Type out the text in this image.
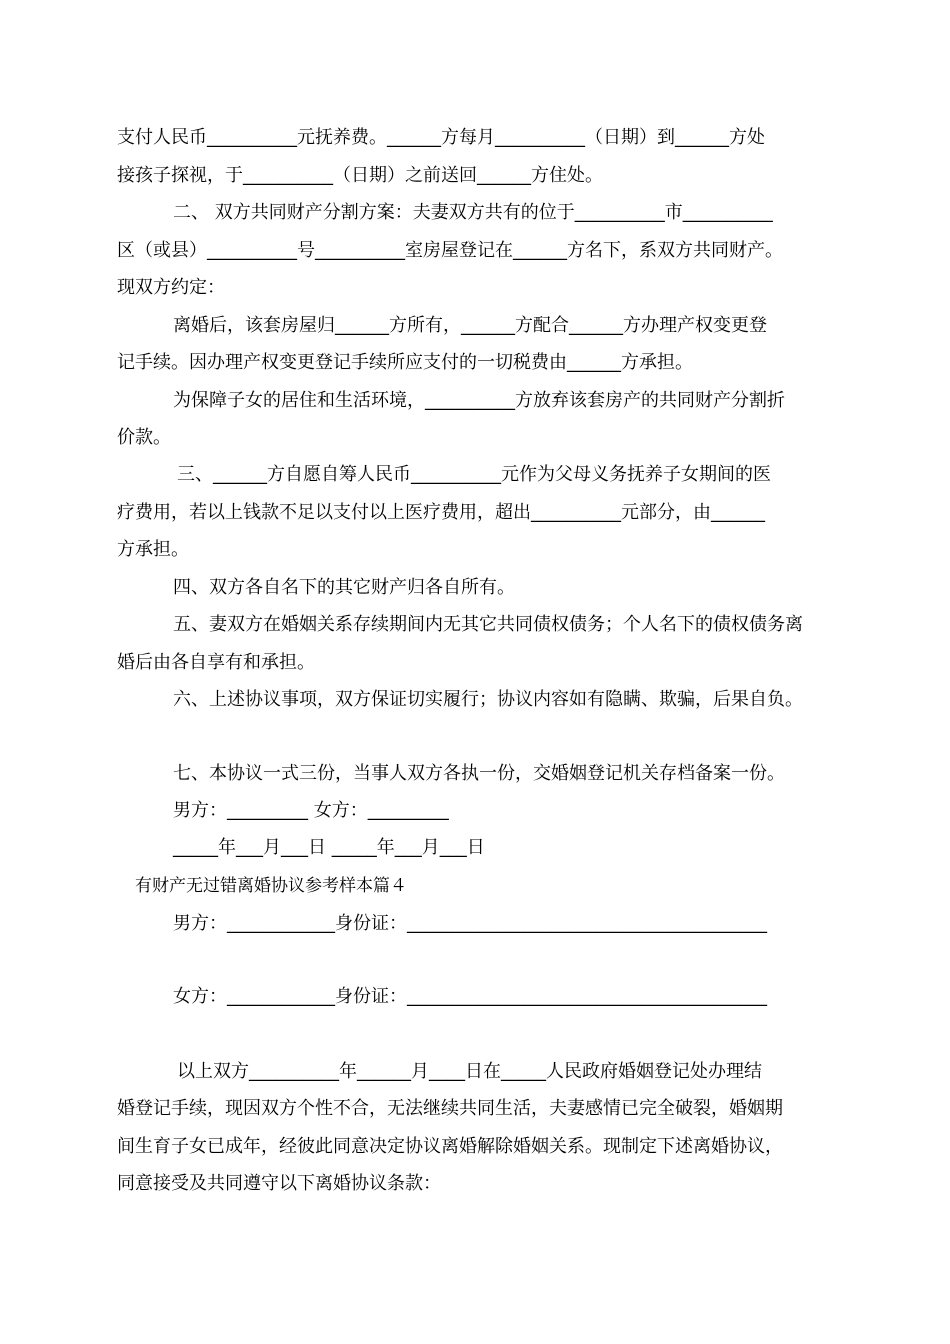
支付人民币__________元抚养费。______方每月__________（日期）到______方处
接孩子探视，于__________（日期）之前送回______方住处。
二、 双方共同财产分割方案：夫妻双方共有的位于__________市__________
区（或县）__________号__________室房屋登记在______方名下，系双方共同财产。
现双方约定：
离婚后，该套房屋归______方所有，______方配合______方办理产权变更登
记手续。因办理产权变更登记手续所应支付的一切税费由______方承担。
为保障子女的居住和生活环境，__________方放弃该套房产的共同财产分割折
价款。
三、______方自愿自筹人民币__________元作为父母义务抚养子女期间的医
疗费用，若以上钱款不足以支付以上医疗费用，超出__________元部分，由______
方承担。
四、双方各自名下的其它财产归各自所有。
五、妻双方在婚姻关系存续期间内无其它共同债权债务；个人名下的债权债务离
婚后由各自享有和承担。
六、上述协议事项，双方保证切实履行；协议内容如有隐瞒、欺骗，后果自负。
七、本协议一式三份，当事人双方各执一份，交婚姻登记机关存档备案一份。
男方：_________ 女方：_________
_____年___月___日 _____年___月___日
有财产无过错离婚协议参考样本篇４
男方：____________身份证：________________________________________
女方：____________身份证：________________________________________
以上双方__________年______月____日在_____人民政府婚姻登记处办理结
婚登记手续，现因双方个性不合，无法继续共同生活，夫妻感情已完全破裂，婚姻期
间生育子女已成年，经彼此同意决定协议离婚解除婚姻关系。现制定下述离婚协议，
同意接受及共同遵守以下离婚协议条款：
